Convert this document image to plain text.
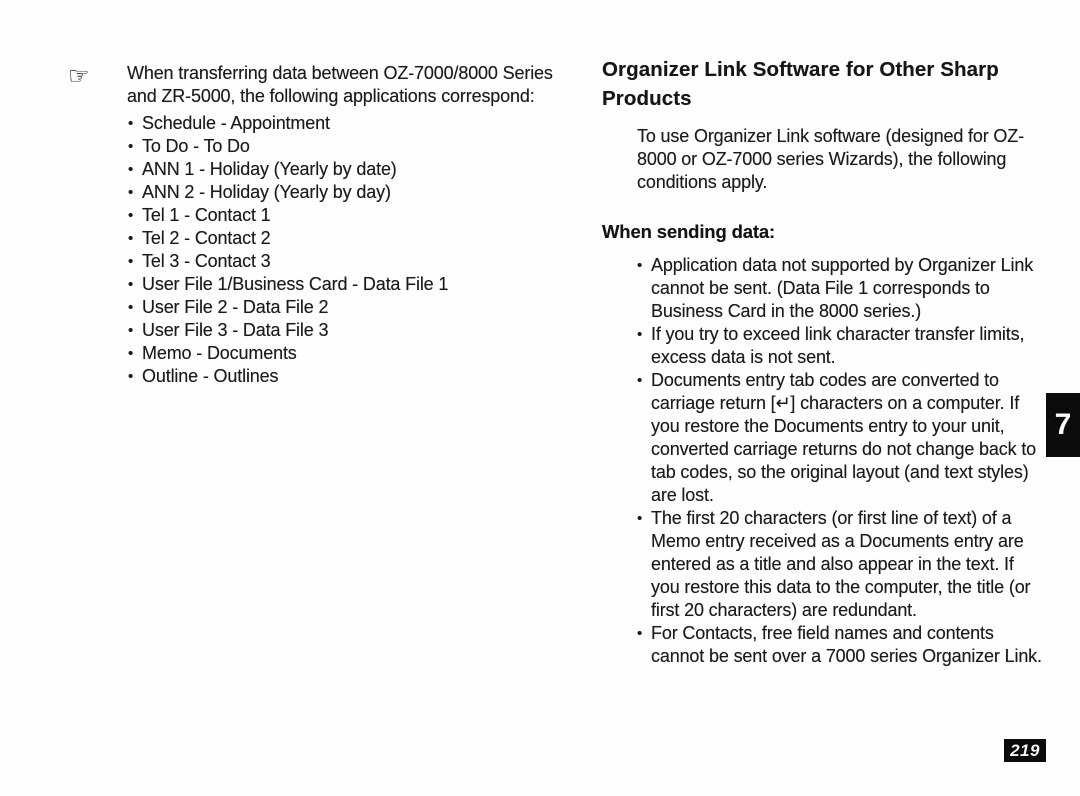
☞ When transferring data between OZ-7000/8000 Series and ZR-5000, the following applications correspond:

• Schedule - Appointment
• To Do - To Do
• ANN 1 - Holiday (Yearly by date)
• ANN 2 - Holiday (Yearly by day)
• Tel 1 - Contact 1
• Tel 2 - Contact 2
• Tel 3 - Contact 3
• User File 1/Business Card - Data File 1
• User File 2 - Data File 2
• User File 3 - Data File 3
• Memo - Documents
• Outline - Outlines
Organizer Link Software for Other Sharp Products

To use Organizer Link software (designed for OZ-8000 or OZ-7000 series Wizards), the following conditions apply.

When sending data:
• Application data not supported by Organizer Link cannot be sent. (Data File 1 corresponds to Business Card in the 8000 series.)
• If you try to exceed link character transfer limits, excess data is not sent.
• Documents entry tab codes are converted to carriage return [↵] characters on a computer. If you restore the Documents entry to your unit, converted carriage returns do not change back to tab codes, so the original layout (and text styles) are lost.
• The first 20 characters (or first line of text) of a Memo entry received as a Documents entry are entered as a title and also appear in the text. If you restore this data to the computer, the title (or first 20 characters) are redundant.
• For Contacts, free field names and contents cannot be sent over a 7000 series Organizer Link.
7
219
